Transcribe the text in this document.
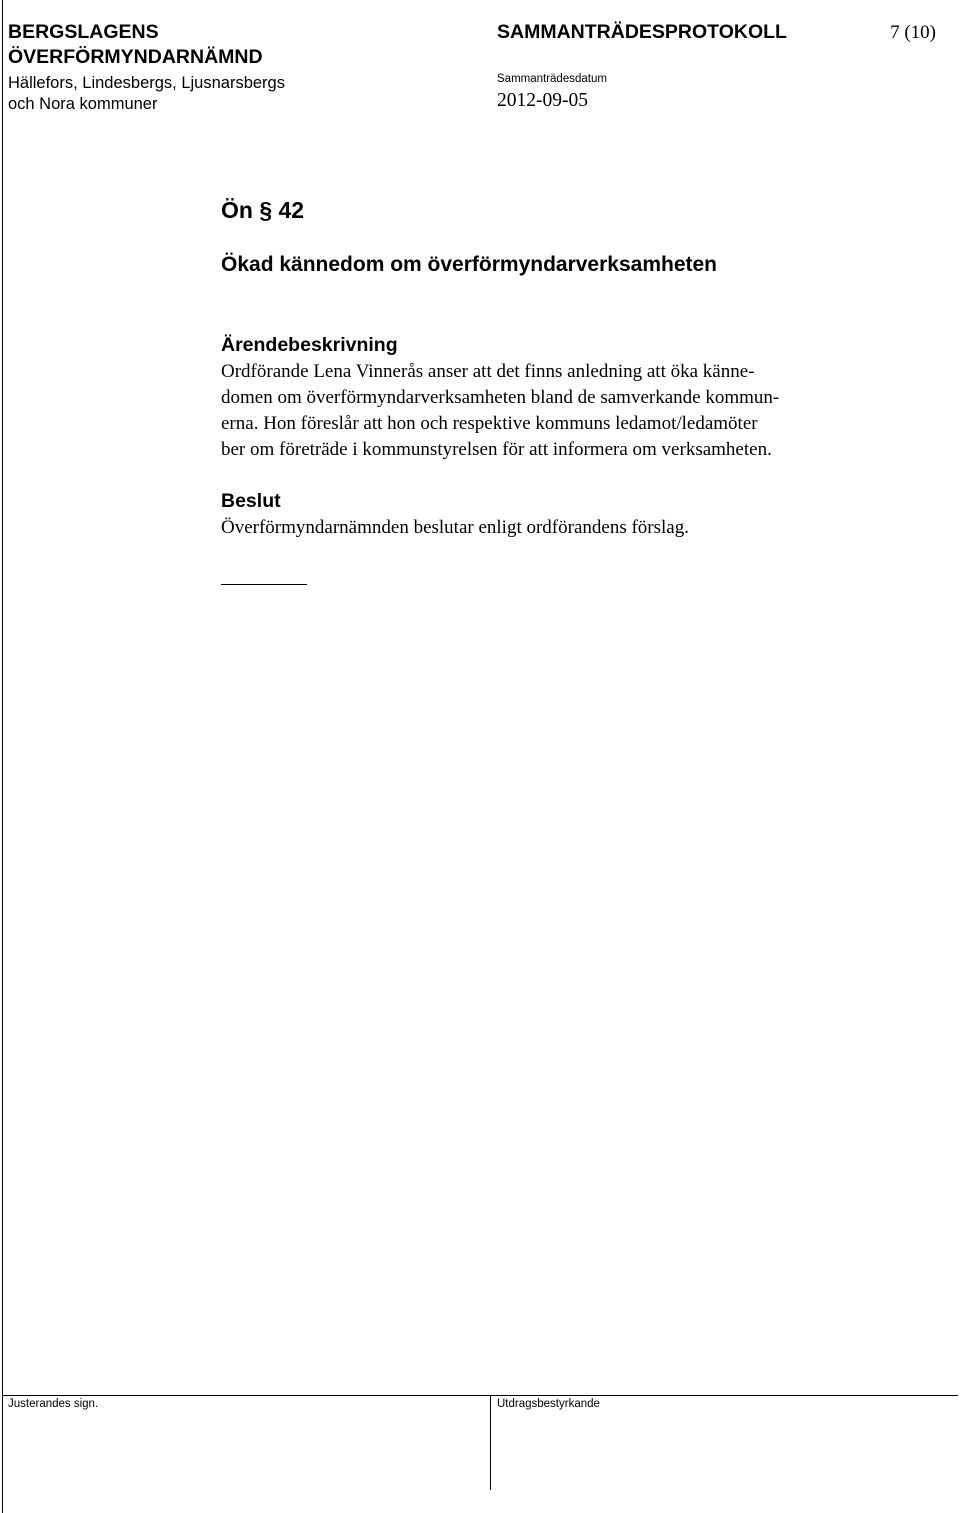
BERGSLAGENS
ÖVERFÖRMYNDARNÄMND
Hällefors, Lindesbergs, Ljusnarsbergs
och Nora kommuner
SAMMANTRÄDESPROTOKOLL	7 (10)
Sammanträdesdatum
2012-09-05
Ön § 42
Ökad kännedom om överförmyndarverksamheten
Ärendebeskrivning
Ordförande Lena Vinnerås anser att det finns anledning att öka känne-
domen om överförmyndarverksamheten bland de samverkande kommun-
erna. Hon föreslår att hon och respektive kommuns ledamot/ledamöter
ber om företräde i kommunstyrelsen för att informera om verksamheten.
Beslut
Överförmyndarnämnden beslutar enligt ordförandens förslag.
Justerandes sign.	Utdragsbestyrkande
